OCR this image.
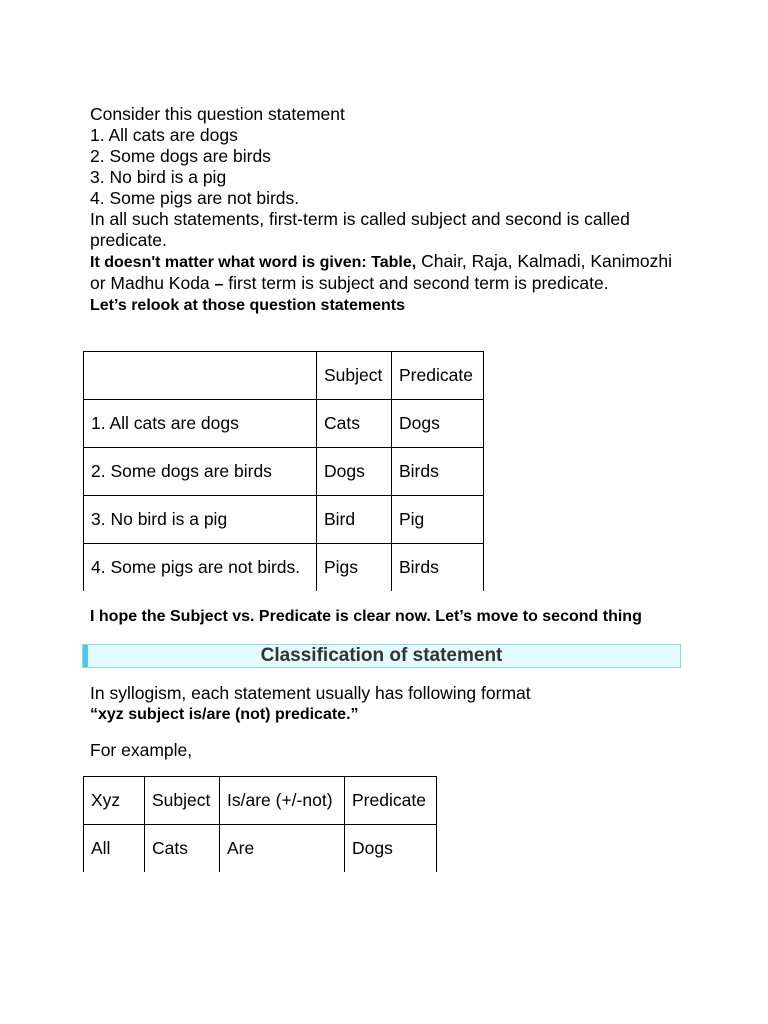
Consider this question statement

1. All cats are dogs

2. Some dogs are birds

3. No bird is a pig

4. Some pigs are not birds.

In all such statements, first-term is called subject and second is called predicate.

It doesn't matter what word is given: Table, Chair, Raja, Kalmadi, Kanimozhi or Madhu Koda – first term is subject and second term is predicate.

Let’s relook at those question statements

	Subject	Predicate
1. All cats are dogs	Cats	Dogs
2. Some dogs are birds	Dogs	Birds
3. No bird is a pig	Bird	Pig
4. Some pigs are not birds.	Pigs	Birds
I hope the Subject vs. Predicate is clear now. Let’s move to second thing
Classification of statement

In syllogism, each statement usually has following format

“xyz subject is/are (not) predicate.”

For example,
Xyz	Subject	Is/are (+/-not)	Predicate
All	Cats	Are	Dogs
